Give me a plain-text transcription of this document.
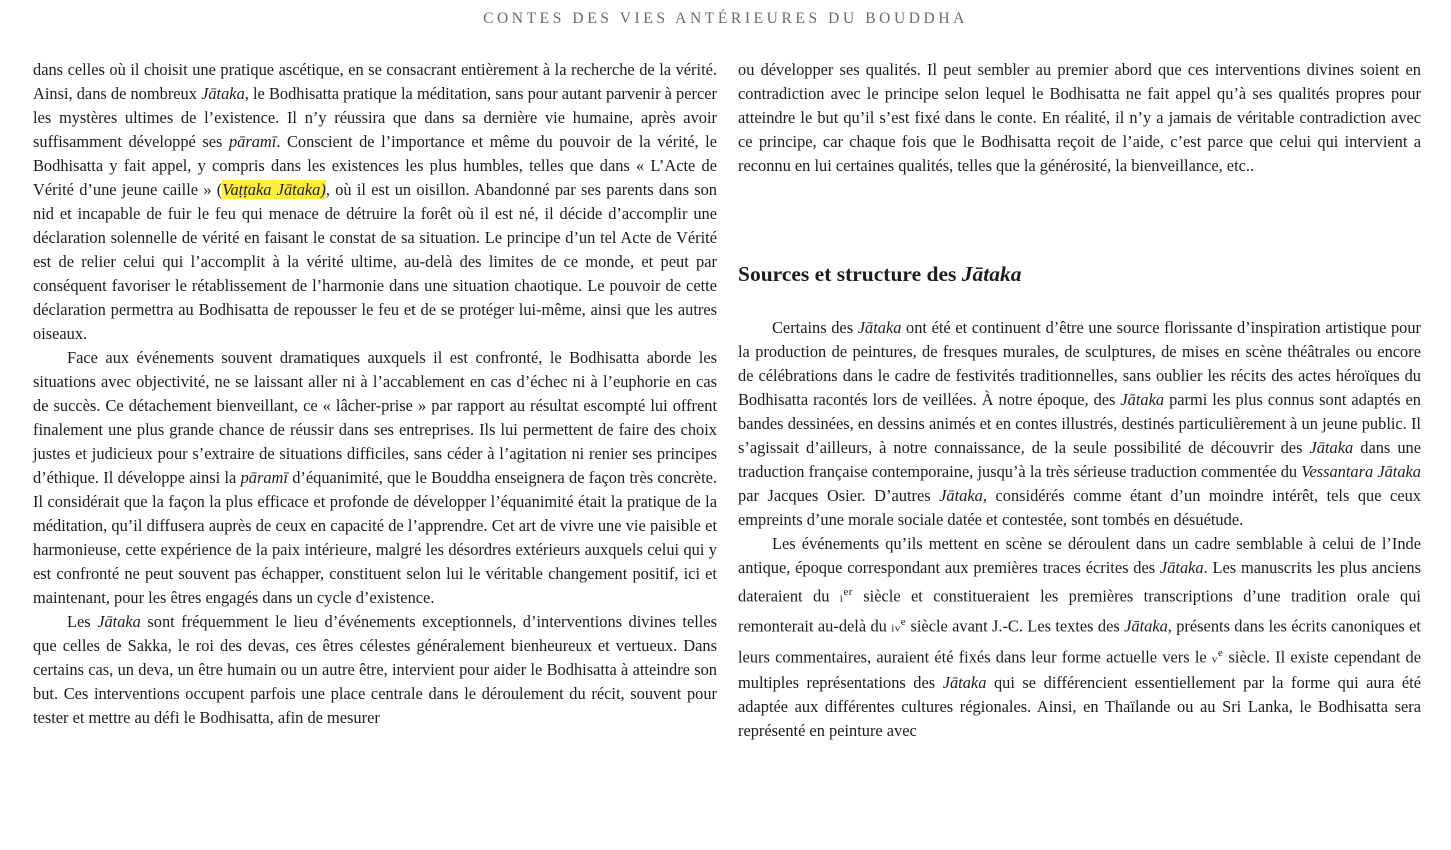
CONTES DES VIES ANTÉRIEURES DU BOUDDHA

dans celles où il choisit une pratique ascétique, en se consacrant entièrement à la recherche de la vérité. Ainsi, dans de nombreux Jātaka, le Bodhisatta pratique la méditation, sans pour autant parvenir à percer les mystères ultimes de l’existence. Il n’y réussira que dans sa dernière vie humaine, après avoir suffisamment développé ses pāramī. Conscient de l’importance et même du pouvoir de la vérité, le Bodhisatta y fait appel, y compris dans les existences les plus humbles, telles que dans « L’Acte de Vérité d’une jeune caille » (Vaṭṭaka Jātaka), où il est un oisillon. Abandonné par ses parents dans son nid et incapable de fuir le feu qui menace de détruire la forêt où il est né, il décide d’accomplir une déclaration solennelle de vérité en faisant le constat de sa situation. Le principe d’un tel Acte de Vérité est de relier celui qui l’accomplit à la vérité ultime, au-delà des limites de ce monde, et peut par conséquent favoriser le rétablissement de l’harmonie dans une situation chaotique. Le pouvoir de cette déclaration permettra au Bodhisatta de repousser le feu et de se protéger lui-même, ainsi que les autres oiseaux.

Face aux événements souvent dramatiques auxquels il est confronté, le Bodhisatta aborde les situations avec objectivité, ne se laissant aller ni à l’accablement en cas d’échec ni à l’euphorie en cas de succès. Ce détachement bienveillant, ce « lâcher-prise » par rapport au résultat escompté lui offrent finalement une plus grande chance de réussir dans ses entreprises. Ils lui permettent de faire des choix justes et judicieux pour s’extraire de situations difficiles, sans céder à l’agitation ni renier ses principes d’éthique. Il développe ainsi la pāramī d’équanimité, que le Bouddha enseignera de façon très concrète. Il considérait que la façon la plus efficace et profonde de développer l’équanimité était la pratique de la méditation, qu’il diffusera auprès de ceux en capacité de l’apprendre. Cet art de vivre une vie paisible et harmonieuse, cette expérience de la paix intérieure, malgré les désordres extérieurs auxquels celui qui y est confronté ne peut souvent pas échapper, constituent selon lui le véritable changement positif, ici et maintenant, pour les êtres engagés dans un cycle d’existence.

Les Jātaka sont fréquemment le lieu d’événements exceptionnels, d’interventions divines telles que celles de Sakka, le roi des devas, ces êtres célestes généralement bienheureux et vertueux. Dans certains cas, un deva, un être humain ou un autre être, intervient pour aider le Bodhisatta à atteindre son but. Ces interventions occupent parfois une place centrale dans le déroulement du récit, souvent pour tester et mettre au défi le Bodhisatta, afin de mesurer

ou développer ses qualités. Il peut sembler au premier abord que ces interventions divines soient en contradiction avec le principe selon lequel le Bodhisatta ne fait appel qu’à ses qualités propres pour atteindre le but qu’il s’est fixé dans le conte. En réalité, il n’y a jamais de véritable contradiction avec ce principe, car chaque fois que le Bodhisatta reçoit de l’aide, c’est parce que celui qui intervient a reconnu en lui certaines qualités, telles que la générosité, la bienveillance, etc..

Sources et structure des Jātaka

Certains des Jātaka ont été et continuent d’être une source florissante d’inspiration artistique pour la production de peintures, de fresques murales, de sculptures, de mises en scène théâtrales ou encore de célébrations dans le cadre de festivités traditionnelles, sans oublier les récits des actes héroïques du Bodhisatta racontés lors de veillées. À notre époque, des Jātaka parmi les plus connus sont adaptés en bandes dessinées, en dessins animés et en contes illustrés, destinés particulièrement à un jeune public. Il s’agissait d’ailleurs, à notre connaissance, de la seule possibilité de découvrir des Jātaka dans une traduction française contemporaine, jusqu’à la très sérieuse traduction commentée du Vessantara Jātaka par Jacques Osier. D’autres Jātaka, considérés comme étant d’un moindre intérêt, tels que ceux empreints d’une morale sociale datée et contestée, sont tombés en désuétude.

Les événements qu’ils mettent en scène se déroulent dans un cadre semblable à celui de l’Inde antique, époque correspondant aux premières traces écrites des Jātaka. Les manuscrits les plus anciens dateraient du $i^{er}$ siècle et constitueraient les premières transcriptions d’une tradition orale qui remonterait au-delà du $iv^e$ siècle avant J.-C. Les textes des Jātaka, présents dans les écrits canoniques et leurs commentaires, auraient été fixés dans leur forme actuelle vers le $v^e$ siècle. Il existe cependant de multiples représentations des Jātaka qui se différencient essentiellement par la forme qui aura été adaptée aux différentes cultures régionales. Ainsi, en Thaïlande ou au Sri Lanka, le Bodhisatta sera représenté en peinture avec
